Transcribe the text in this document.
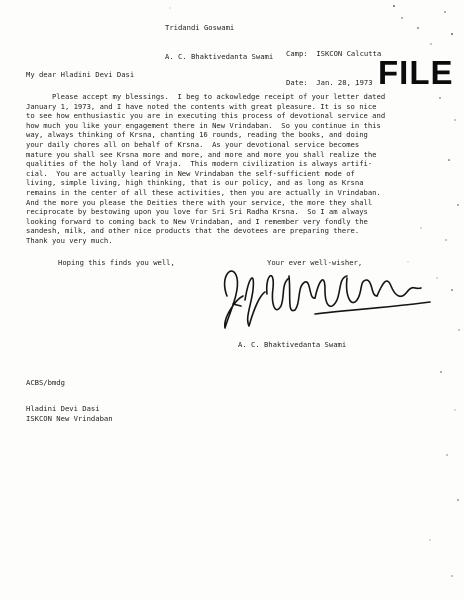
Tridandi Goswami

A. C. Bhaktivedanta Swami

Camp: ISKCON Calcutta

Date: Jan. 28, 1973

FILE
My dear Hladini Devi Dasi
Please accept my blessings.  I beg to ackowledge receipt of your letter dated
January 1, 1973, and I have noted the contents with great pleasure. It is so nice
to see how enthusiastic you are in executing this process of devotional service and
how much you like your engagement there in New Vrindaban.  So you continue in this
way, always thinking of Krsna, chanting 16 rounds, reading the books, and doing
your daily chores all on behalf of Krsna.  As your devotional service becomes
mature you shall see Krsna more and more, and more and more you shall realize the
qualities of the holy land of Vraja.  This modern civilization is always artifi-
cial.  You are actually learing in New Vrindaban the self-sufficient mode of
living, simple living, high thinking, that is our policy, and as long as Krsna
remains in the center of all these activities, then you are actually in Vrindaban.
And the more you please the Deities there with your service, the more they shall
reciprocate by bestowing upon you love for Sri Sri Radha Krsna.  So I am always
looking forward to coming back to New Vrindaban, and I remember very fondly the
sandesh, milk, and other nice products that the devotees are preparing there.
Thank you very much.
Hoping this finds you well,	Your ever well-wisher,
A. C. Bhaktivedanta Swami
ACBS/bmdg
Hladini Devi Dasi
ISKCON New Vrindaban
